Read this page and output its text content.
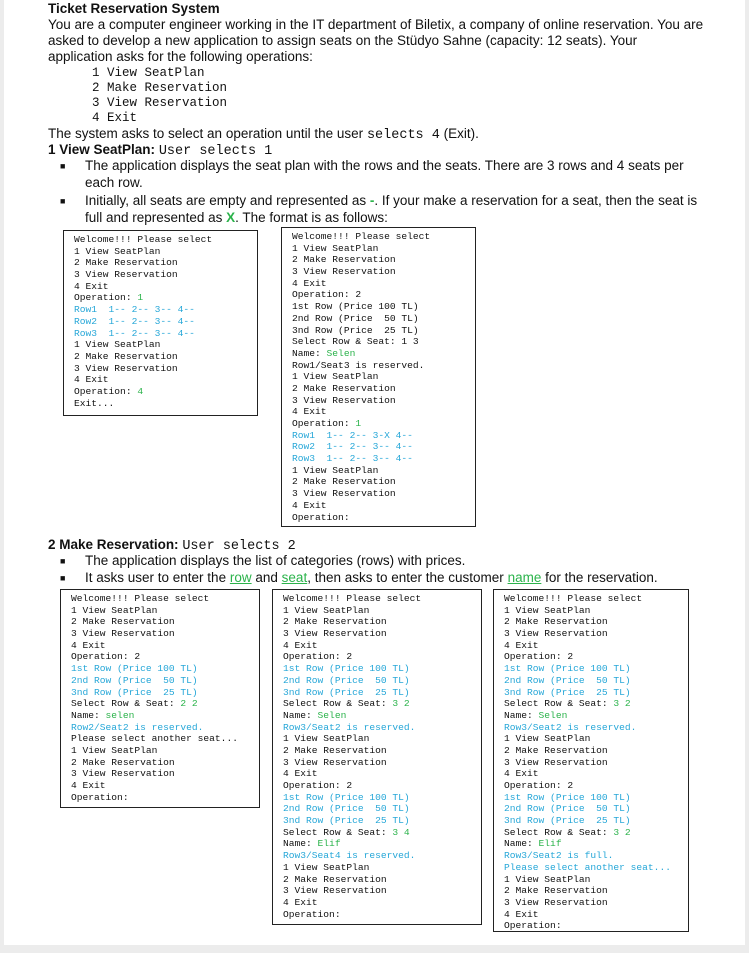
Ticket Reservation System
You are a computer engineer working in the IT department of Biletix, a company of online reservation. You are asked to develop a new application to assign seats on the Stüdyo Sahne (capacity: 12 seats). Your application asks for the following operations:
1 View SeatPlan
2 Make Reservation
3 View Reservation
4 Exit
The system asks to select an operation until the user selects 4 (Exit).
1 View SeatPlan: User selects 1
■ The application displays the seat plan with the rows and the seats. There are 3 rows and 4 seats per each row.
■ Initially, all seats are empty and represented as -. If your make a reservation for a seat, then the seat is full and represented as X. The format is as follows:
Welcome!!! Please select
1 View SeatPlan
2 Make Reservation
3 View Reservation
4 Exit
Operation: 1
Row1  1-- 2-- 3-- 4--
Row2  1-- 2-- 3-- 4--
Row3  1-- 2-- 3-- 4--
1 View SeatPlan
2 Make Reservation
3 View Reservation
4 Exit
Operation: 4
Exit...
Welcome!!! Please select
1 View SeatPlan
2 Make Reservation
3 View Reservation
4 Exit
Operation: 2
1st Row (Price 100 TL)
2nd Row (Price  50 TL)
3nd Row (Price  25 TL)
Select Row & Seat: 1 3
Name: Selen
Row1/Seat3 is reserved.
1 View SeatPlan
2 Make Reservation
3 View Reservation
4 Exit
Operation: 1
Row1  1-- 2-- 3-X 4--
Row2  1-- 2-- 3-- 4--
Row3  1-- 2-- 3-- 4--
1 View SeatPlan
2 Make Reservation
3 View Reservation
4 Exit
Operation:
2 Make Reservation: User selects 2
■ The application displays the list of categories (rows) with prices.
■ It asks user to enter the row and seat, then asks to enter the customer name for the reservation.
Welcome!!! Please select
1 View SeatPlan
2 Make Reservation
3 View Reservation
4 Exit
Operation: 2
1st Row (Price 100 TL)
2nd Row (Price  50 TL)
3nd Row (Price  25 TL)
Select Row & Seat: 2 2
Name: selen
Row2/Seat2 is reserved.
Please select another seat...
1 View SeatPlan
2 Make Reservation
3 View Reservation
4 Exit
Operation:
Welcome!!! Please select
1 View SeatPlan
2 Make Reservation
3 View Reservation
4 Exit
Operation: 2
1st Row (Price 100 TL)
2nd Row (Price  50 TL)
3nd Row (Price  25 TL)
Select Row & Seat: 3 2
Name: Selen
Row3/Seat2 is reserved.
1 View SeatPlan
2 Make Reservation
3 View Reservation
4 Exit
Operation: 2
1st Row (Price 100 TL)
2nd Row (Price  50 TL)
3nd Row (Price  25 TL)
Select Row & Seat: 3 4
Name: Elif
Row3/Seat4 is reserved.
1 View SeatPlan
2 Make Reservation
3 View Reservation
4 Exit
Operation:
Welcome!!! Please select
1 View SeatPlan
2 Make Reservation
3 View Reservation
4 Exit
Operation: 2
1st Row (Price 100 TL)
2nd Row (Price  50 TL)
3nd Row (Price  25 TL)
Select Row & Seat: 3 2
Name: Selen
Row3/Seat2 is reserved.
1 View SeatPlan
2 Make Reservation
3 View Reservation
4 Exit
Operation: 2
1st Row (Price 100 TL)
2nd Row (Price  50 TL)
3nd Row (Price  25 TL)
Select Row & Seat: 3 2
Name: Elif
Row3/Seat2 is full.
Please select another seat...
1 View SeatPlan
2 Make Reservation
3 View Reservation
4 Exit
Operation:
